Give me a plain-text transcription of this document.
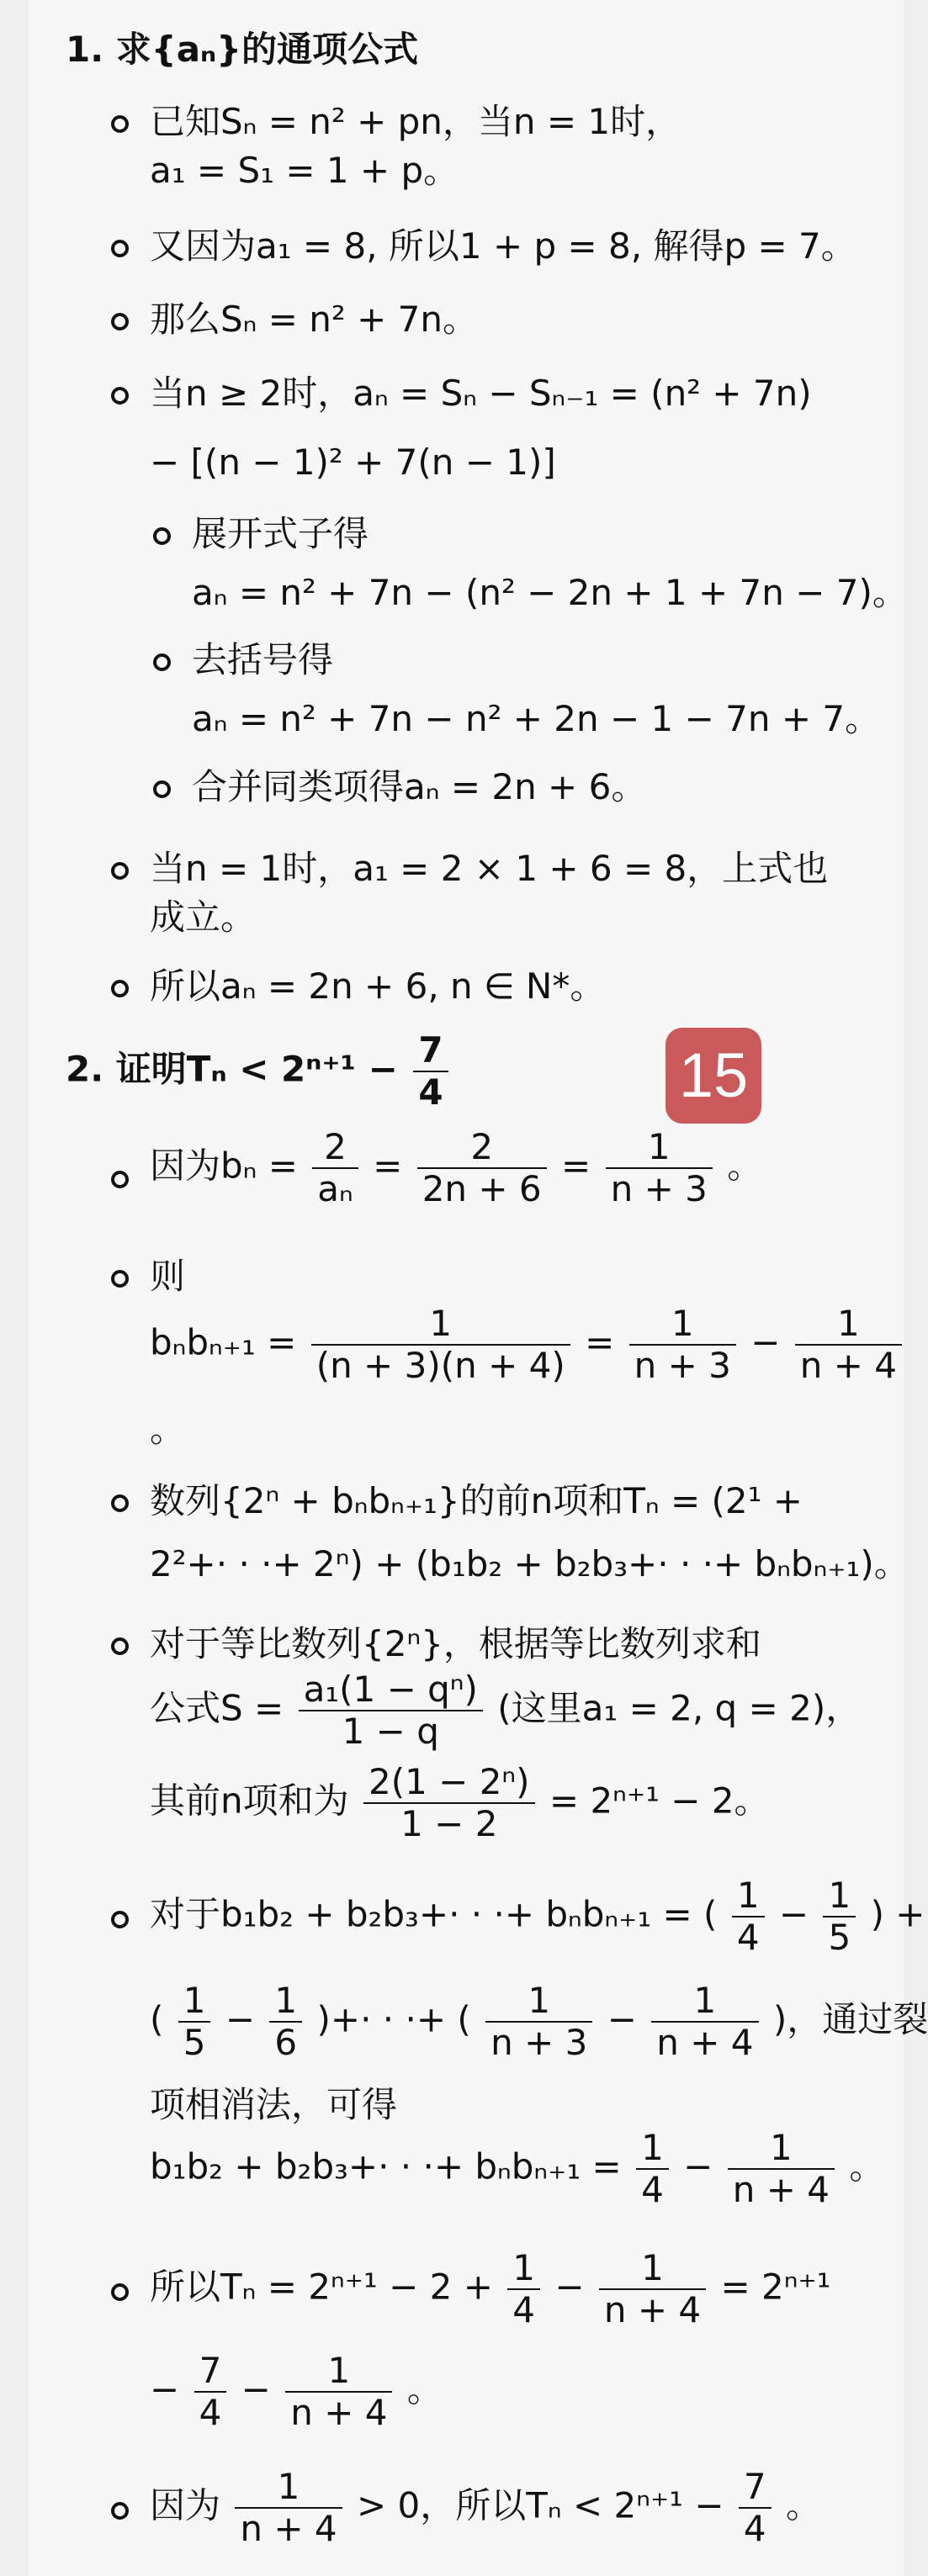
1. 求{aₙ}的通项公式
已知Sₙ = n² + pn，当n = 1时，
a₁ = S₁ = 1 + p。
又因为a₁ = 8, 所以1 + p = 8, 解得p = 7。
那么Sₙ = n² + 7n。
当n ≥ 2时，aₙ = Sₙ − Sₙ₋₁ = (n² + 7n)
− [(n − 1)² + 7(n − 1)]
展开式子得
aₙ = n² + 7n − (n² − 2n + 1 + 7n − 7)。
去括号得
aₙ = n² + 7n − n² + 2n − 1 − 7n + 7。
合并同类项得aₙ = 2n + 6。
当n = 1时，a₁ = 2 × 1 + 6 = 8，上式也
成立。
所以aₙ = 2n + 6, n ∈ N*。
2. 证明$T_n < 2^{n+1} - \frac{7}{4}$	15
因为$b_n = \frac{2}{\text{aₙ}} = \frac{2}{2n + 6} = \frac{1}{n + 3}$ 。
则
$b_nb_{n+1} = \frac{1}{(n + 3)(n + 4)} = \frac{1}{n + 3} - \frac{1}{n + 4}$
。
数列{2ⁿ + bₙbₙ₊₁}的前n项和Tₙ = (2¹ +
2²+· · ·+ 2ⁿ) + (b₁b₂ + b₂b₃+· · ·+ bₙbₙ₊₁)。
对于等比数列{2ⁿ}，根据等比数列求和
公式$S = \frac{\text{a₁(1 − qⁿ)}}{1 - q}$ (这里a₁ = 2, q = 2)，
其前n项和为 $\frac{\text{2(1 − 2ⁿ)}}{1 - 2} = 2^{n+1} - 2$。
对于b₁b₂ + b₂b₃+· · ·+ bₙbₙ₊₁ = ( $\frac{1}{4} - \frac{1}{5}$ ) +
( $\frac{1}{5} - \frac{1}{6}$ )+· · ·+ ( $\frac{1}{n + 3} - \frac{1}{n + 4}$ )，通过裂
项相消法，可得
b₁b₂ + b₂b₃+· · ·+ $b_nb_{n+1} = \frac{1}{4} - \frac{1}{n + 4}$ 。
所以$T_n = 2^{n+1} - 2 + \frac{1}{4} - \frac{1}{n + 4} = 2^{n+1}$
− $\frac{7}{4} - \frac{1}{n + 4}$ 。
因为 $\frac{1}{n + 4} > 0$，所以$T_n < 2^{n+1} - \frac{7}{4}$ 。
